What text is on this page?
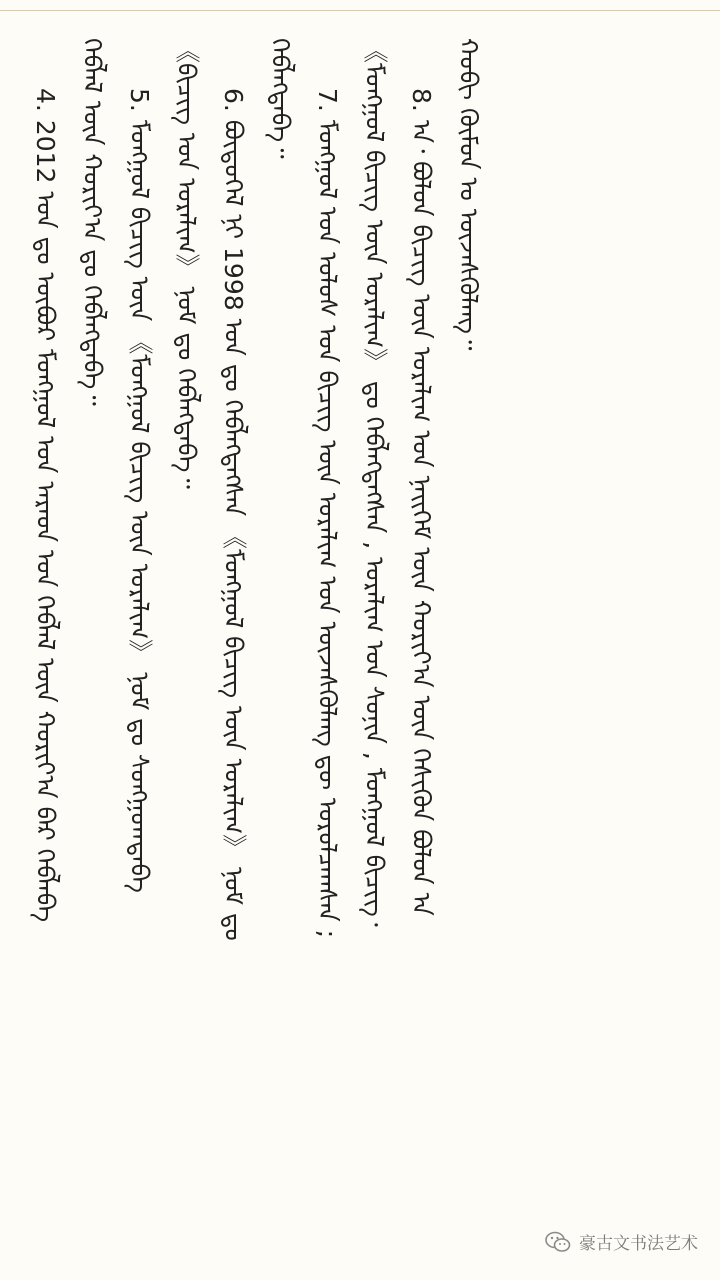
4. 2012 ᠣᠨ ᠳᠤ ᠥᠪᠥᠷ ᠮᠣᠩᠭᠣᠯ ᠤᠨ ᠠᠷᠠᠳ ᠤᠨ ᠬᠡᠪᠯᠡᠯ ᠦᠨ ᠬᠣᠷᠢᠶ᠎ᠠ ᠪᠡᠷ ᠬᠡᠪᠯᠡᠪᠡ ᠬᠡᠪᠯᠡᠯ ᠦᠨ ᠬᠣᠷᠢᠶ᠎ᠠ ᠳᠤ ᠬᠡᠪᠯᠡᠭᠳᠡᠪᠡ᠃ 5. ᠮᠣᠩᠭᠣᠯ ᠪᠢᠴᠢᠭ ᠦᠨ 《ᠮᠣᠩᠭᠣᠯ ᠪᠢᠴᠢᠭ ᠦᠨ ᠤᠷᠠᠯᠢᠭ》 ᠨᠣᠮ ᠳᠤ ᠰᠣᠩᠭᠣᠭᠳᠠᠪᠠ 《ᠪᠢᠴᠢᠭ ᠤᠨ ᠤᠷᠠᠯᠢᠭ》 ᠨᠣᠮ ᠳᠤ ᠬᠡᠪᠯᠡᠭᠳᠡᠪᠡ᠃ 6. ᠪᠦᠲᠦᠭᠡᠯ ᠨᠢ 1998 ᠣᠨ ᠳᠤ ᠬᠡᠪᠯᠡᠭᠳᠡᠭᠰᠡᠨ 《ᠮᠣᠩᠭᠣᠯ ᠪᠢᠴᠢᠭ ᠦᠨ ᠤᠷᠠᠯᠢᠭ》 ᠨᠣᠮ ᠳᠤ
ᠬᠡᠪᠯᠡᠭᠳᠡᠪᠡ᠃ 7. ᠮᠣᠩᠭᠣᠯ ᠤᠨ ᠤᠯᠤᠰ ᠤᠨ ᠪᠢᠴᠢᠭ ᠦᠨ ᠤᠷᠠᠯᠢᠭ ᠤᠨ ᠦᠵᠡᠰᠬᠦᠯᠡᠩ ᠳᠦ ᠣᠷᠣᠯᠴᠠᠭᠰᠠᠨ ; 《ᠮᠣᠩᠭᠣᠯ ᠪᠢᠴᠢᠭ ᠦᠨ ᠤᠷᠠᠯᠢᠭ》 ᠳᠤ ᠬᠡᠪᠯᠡᠭᠳᠡᠭᠰᠡᠨ , ᠤᠷᠠᠯᠢᠭ ᠤᠨ ᠰᠣᠨᠢᠨ , ᠮᠣᠩᠭᠣᠯ ᠪᠢᠴᠢᠭ᠂ 8. ᠠ᠂ ᠪᠣᠯᠤᠨ ᠪᠢᠴᠢᠭ ᠦᠨ ᠤᠷᠠᠯᠢᠭ ᠤᠨ ᠨᠡᠢᠭᠡᠮ ᠦᠨ ᠬᠣᠷᠢᠶ᠎ᠠ ᠦᠨ ᠭᠡᠰᠢᠭᠦᠨ ᠪᠣᠯᠤᠨ ᠠ ᠬᠤᠪᠢ ᠬᠦᠮᠦᠨ ᠤ ᠦᠵᠡᠰᠬᠦᠯᠡᠩ᠃
豪古文书法艺术
